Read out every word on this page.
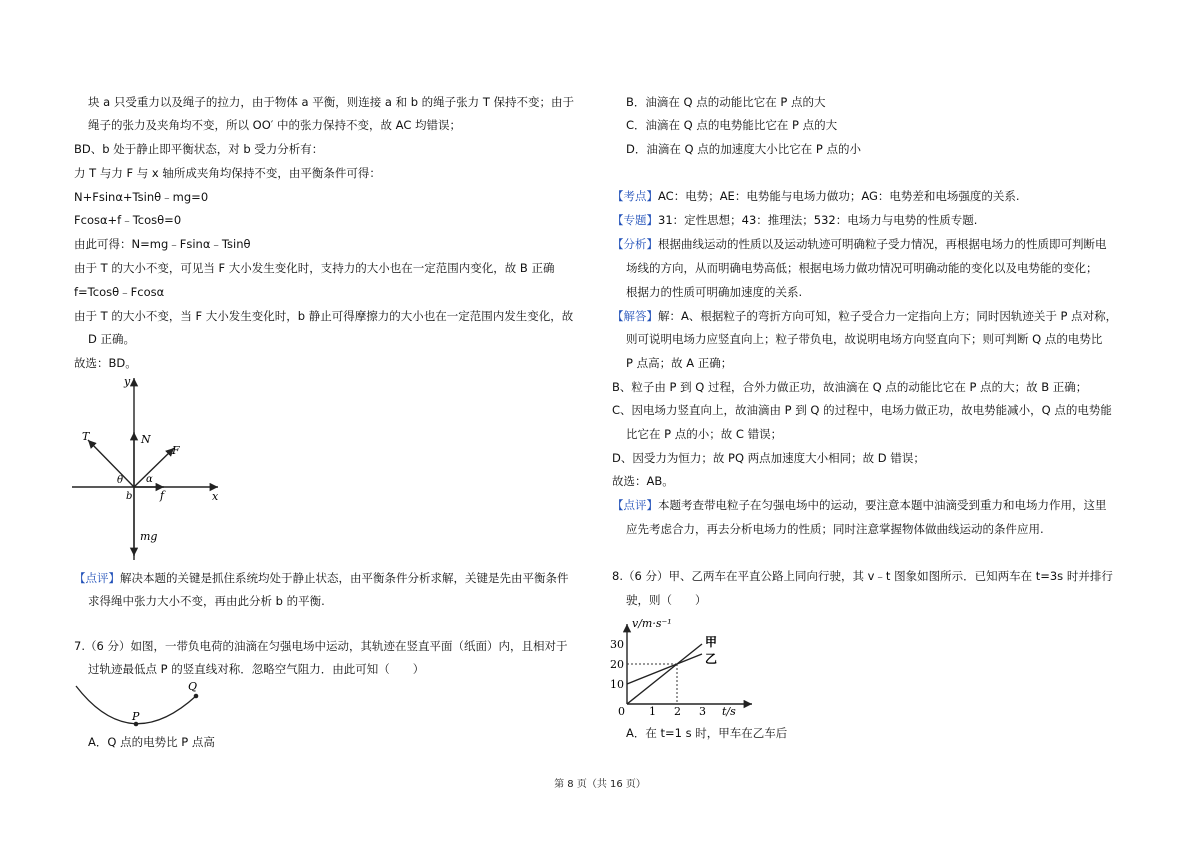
块 a 只受重力以及绳子的拉力，由于物体 a 平衡，则连接 a 和 b 的绳子张力 T 保持不变；由于
绳子的张力及夹角均不变，所以 OO′ 中的张力保持不变，故 AC 均错误；
BD、b 处于静止即平衡状态，对 b 受力分析有：
力 T 与力 F 与 x 轴所成夹角均保持不变，由平衡条件可得：
N+Fsinα+Tsinθ﹣mg=0
Fcosα+f﹣Tcosθ=0
由此可得：N=mg﹣Fsinα﹣Tsinθ
由于 T 的大小不变，可见当 F 大小发生变化时，支持力的大小也在一定范围内变化，故 B 正确
f=Tcosθ﹣Fcosα
由于 T 的大小不变，当 F 大小发生变化时，b 静止可得摩擦力的大小也在一定范围内发生变化，故
D 正确。
故选：BD。
y
x
T	N
F
θ α
b	f
mg
【点评】解决本题的关键是抓住系统均处于静止状态，由平衡条件分析求解，关键是先由平衡条件
求得绳中张力大小不变，再由此分析 b 的平衡.
7.（6 分）如图，一带负电荷的油滴在匀强电场中运动，其轨迹在竖直平面（纸面）内，且相对于
过轨迹最低点 P 的竖直线对称．忽略空气阻力．由此可知（　　）
P
Q
A．Q 点的电势比 P 点高
B．油滴在 Q 点的动能比它在 P 点的大
C．油滴在 Q 点的电势能比它在 P 点的大
D．油滴在 Q 点的加速度大小比它在 P 点的小
【考点】AC：电势；AE：电势能与电场力做功；AG：电势差和电场强度的关系.
【专题】31：定性思想；43：推理法；532：电场力与电势的性质专题.
【分析】根据曲线运动的性质以及运动轨迹可明确粒子受力情况，再根据电场力的性质即可判断电
场线的方向，从而明确电势高低；根据电场力做功情况可明确动能的变化以及电势能的变化；
根据力的性质可明确加速度的关系.
【解答】解：A、根据粒子的弯折方向可知，粒子受合力一定指向上方；同时因轨迹关于 P 点对称，
则可说明电场力应竖直向上；粒子带负电，故说明电场方向竖直向下；则可判断 Q 点的电势比
P 点高；故 A 正确；
B、粒子由 P 到 Q 过程，合外力做正功，故油滴在 Q 点的动能比它在 P 点的大；故 B 正确；
C、因电场力竖直向上，故油滴由 P 到 Q 的过程中，电场力做正功，故电势能减小，Q 点的电势能
比它在 P 点的小；故 C 错误；
D、因受力为恒力；故 PQ 两点加速度大小相同；故 D 错误；
故选：AB。
【点评】本题考查带电粒子在匀强电场中的运动，要注意本题中油滴受到重力和电场力作用，这里
应先考虑合力，再去分析电场力的性质；同时注意掌握物体做曲线运动的条件应用.
8.（6 分）甲、乙两车在平直公路上同向行驶，其 v﹣t 图象如图所示．已知两车在 t=3s 时并排行
驶，则（　　）
v/m·s⁻¹
t/s
0 1 2 3
10
20
30	甲
乙
A．在 t=1 s 时，甲车在乙车后
第 8 页（共 16 页）
